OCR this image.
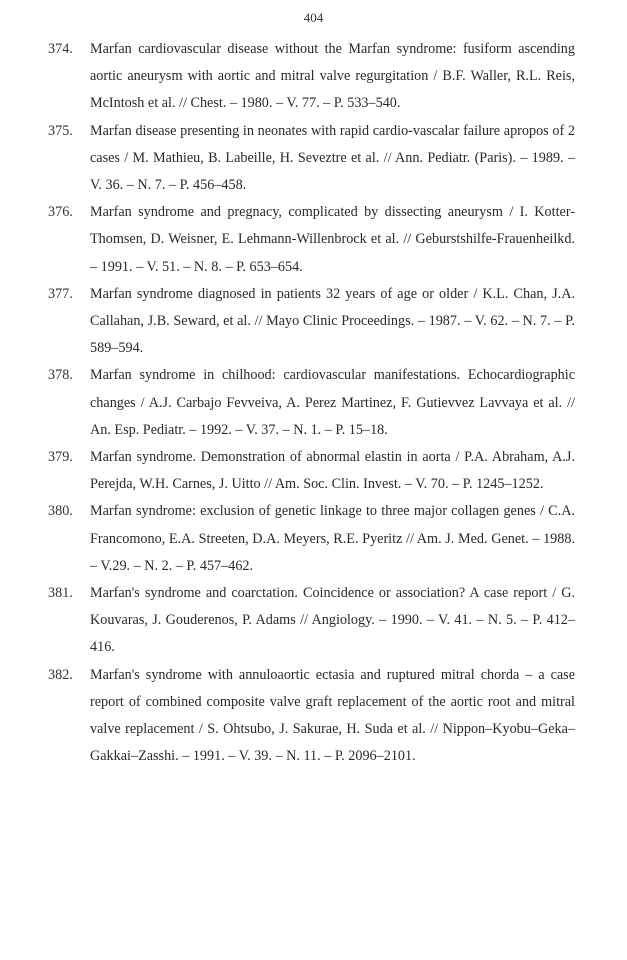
404
374.	Marfan cardiovascular disease without the Marfan syndrome: fusiform ascending aortic aneurysm with aortic and mitral valve regurgitation / B.F. Waller, R.L. Reis, McIntosh et al. // Chest. – 1980. – V. 77. – P. 533–540.
375.	Marfan disease presenting in neonates with rapid cardio-vascalar failure apropos of 2 cases / M. Mathieu, B. Labeille, H. Seveztre et al. // Ann. Pediatr. (Paris). – 1989. – V. 36. – N. 7. – P. 456–458.
376.	Marfan syndrome and pregnacy, complicated by dissecting aneurysm / I. Kotter-Thomsen, D. Weisner, E. Lehmann-Willenbrock et al. // Geburstshilfe-Frauenheilkd. – 1991. – V. 51. – N. 8. – P. 653–654.
377.	Marfan syndrome diagnosed in patients 32 years of age or older / K.L. Chan, J.A. Callahan, J.B. Seward, et al. // Mayo Clinic Proceedings. – 1987. – V. 62. – N. 7. – P. 589–594.
378.	Marfan syndrome in chilhood: cardiovascular manifestations. Echocardiographic changes / A.J. Carbajo Fevveiva, A. Perez Martinez, F. Gutievvez Lavvaya et al. // An. Esp. Pediatr. – 1992. – V. 37. – N. 1. – P. 15–18.
379.	Marfan syndrome. Demonstration of abnormal elastin in aorta / P.A. Abraham, A.J. Perejda, W.H. Carnes, J. Uitto // Am. Soc. Clin. Invest. – V. 70. – P. 1245–1252.
380.	Marfan syndrome: exclusion of genetic linkage to three major collagen genes / C.A. Francomono, E.A. Streeten, D.A. Meyers, R.E. Pyeritz // Am. J. Med. Genet. – 1988. – V.29. – N. 2. – P. 457–462.
381.	Marfan's syndrome and coarctation. Coincidence or association? A case report / G. Kouvaras, J. Gouderenos, P. Adams // Angiology. – 1990. – V. 41. – N. 5. – P. 412–416.
382.	Marfan's syndrome with annuloaortic ectasia and ruptured mitral chorda – a case report of combined composite valve graft replacement of the aortic root and mitral valve replacement / S. Ohtsubo, J. Sakurae, H. Suda et al. // Nippon–Kyobu–Geka–Gakkai–Zasshi. – 1991. – V. 39. – N. 11. – P. 2096–2101.
